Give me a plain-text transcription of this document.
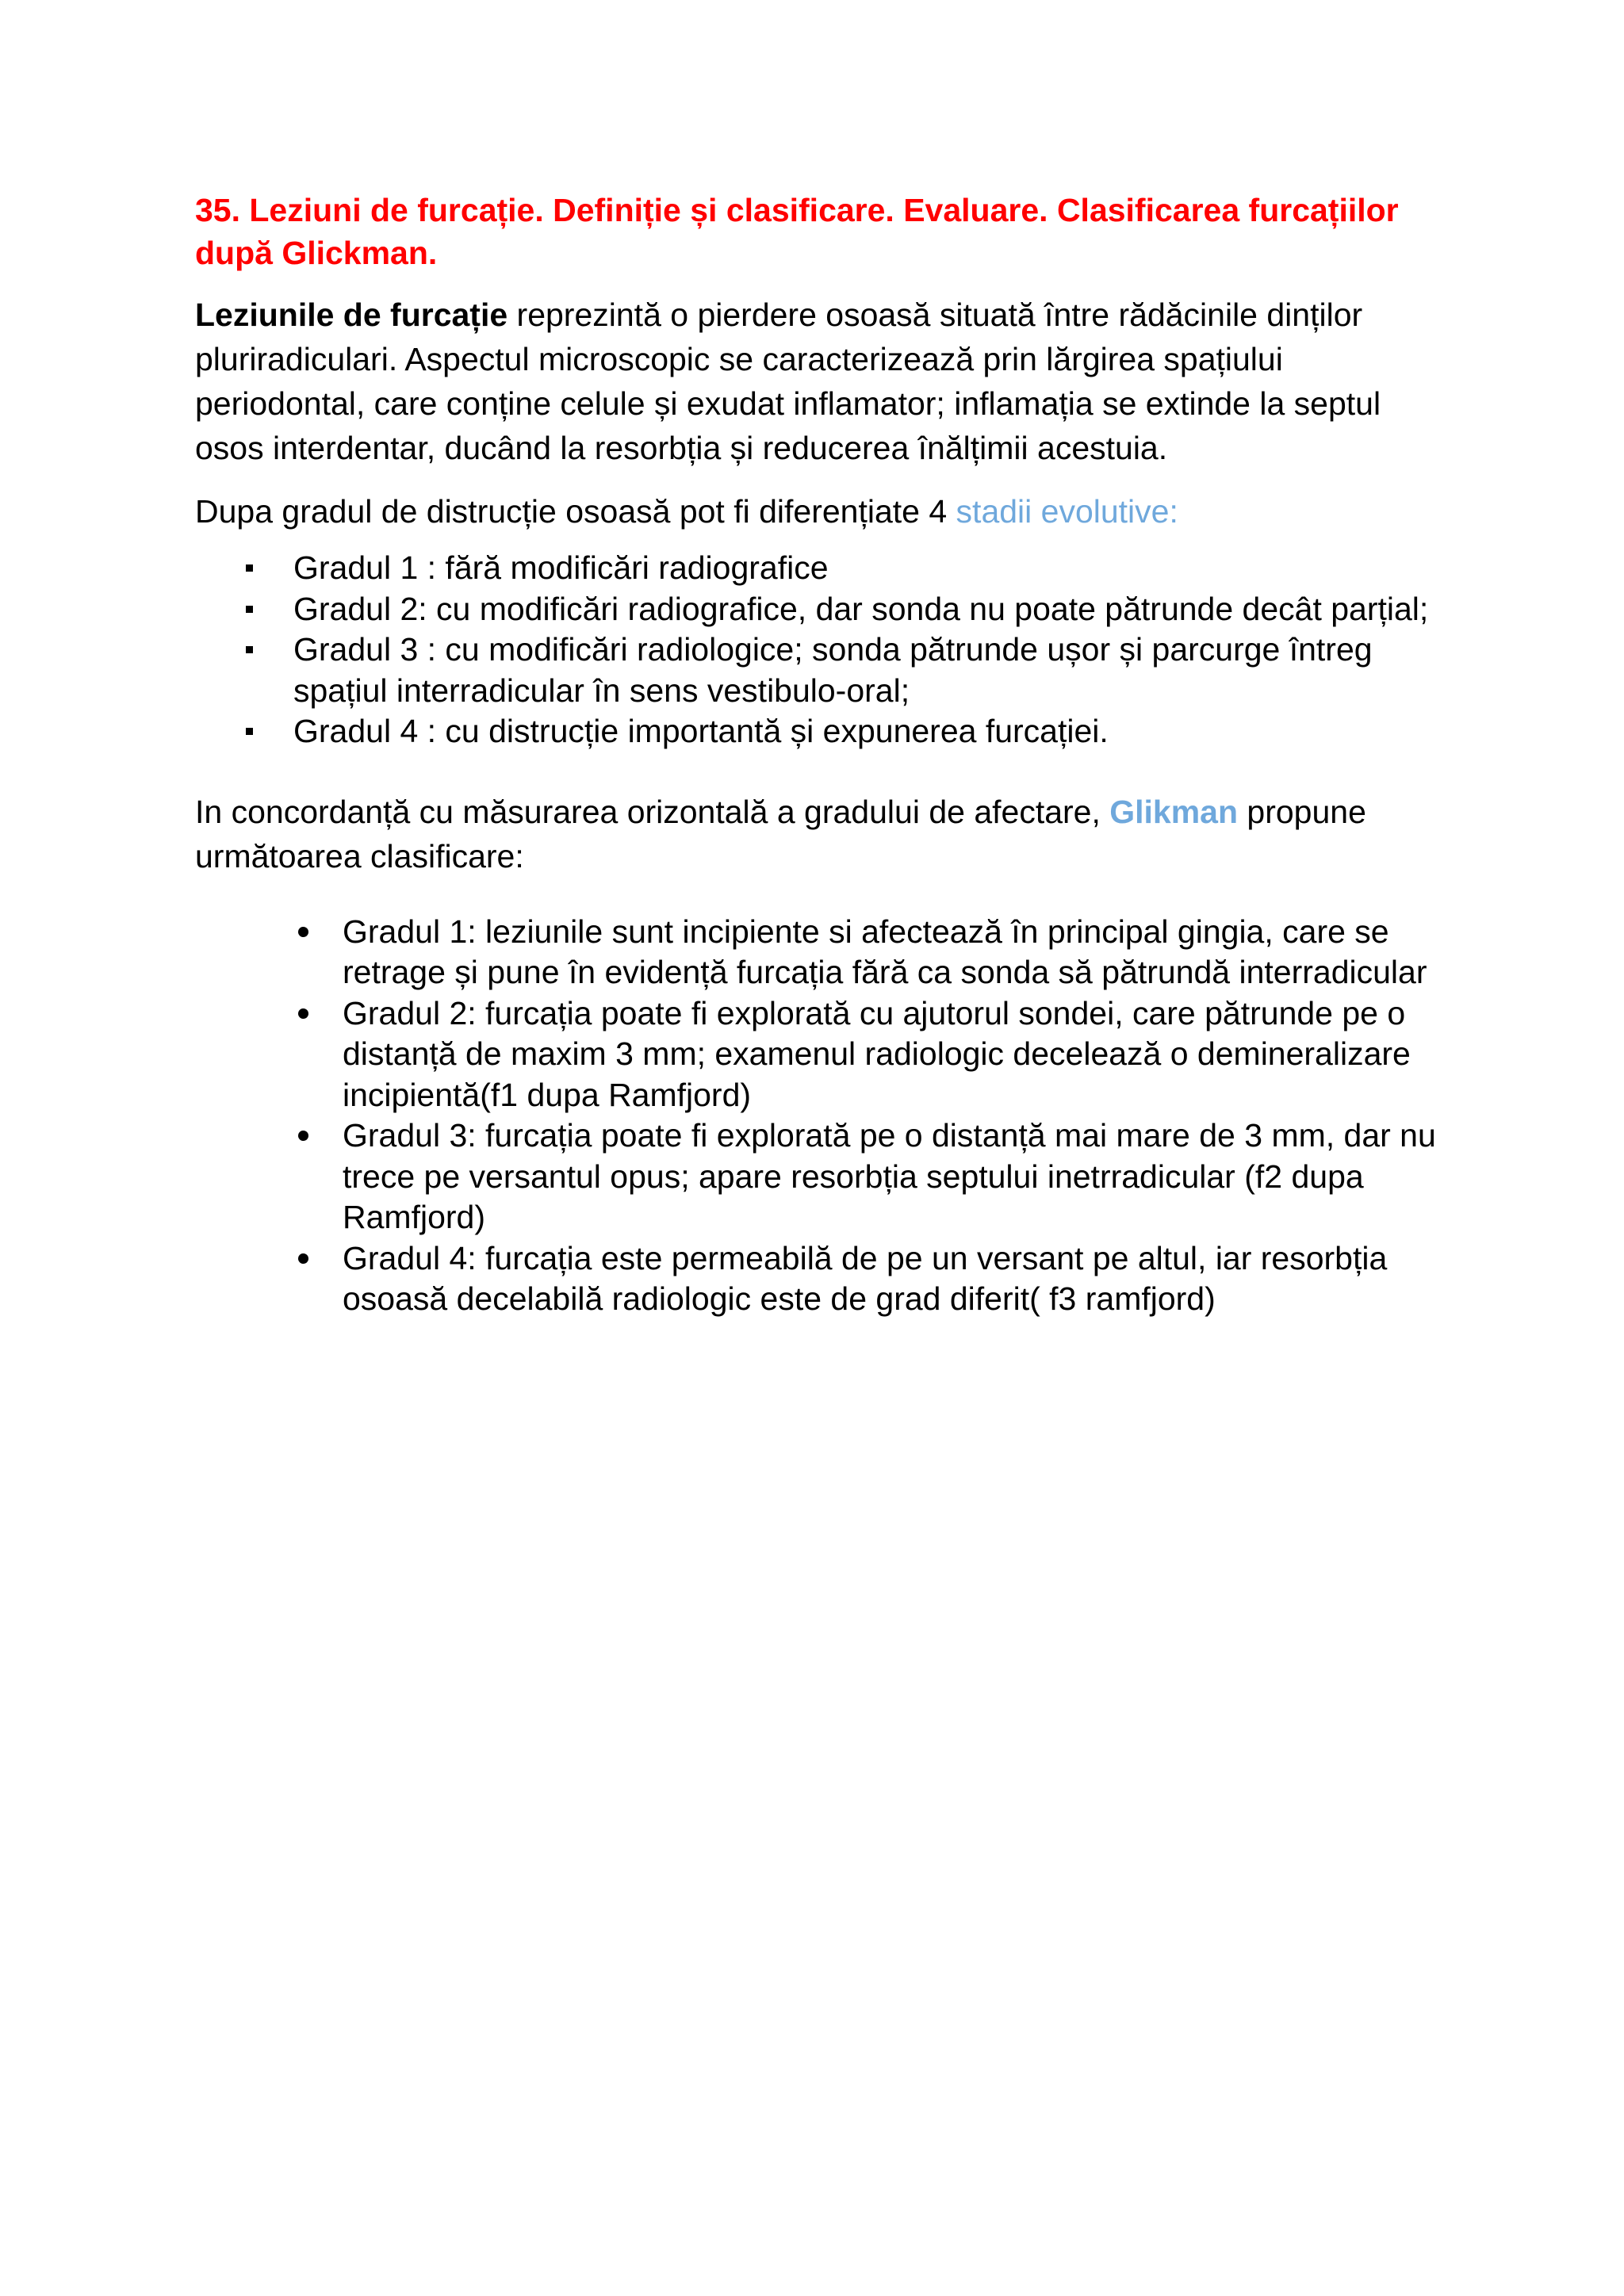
35. Leziuni de furcație. Definiție și clasificare. Evaluare. Clasificarea furcațiilor după Glickman.

Leziunile de furcație reprezintă o pierdere osoasă situată între rădăcinile dinților pluriradiculari. Aspectul microscopic se caracterizează prin lărgirea spațiului periodontal, care conține celule și exudat inflamator; inflamația se extinde la septul osos interdentar, ducând la resorbția și reducerea înălțimii acestuia.

Dupa gradul de distrucție osoasă pot fi diferențiate 4 stadii evolutive:

Gradul 1 : fără modificări radiografice
Gradul 2: cu modificări radiografice, dar sonda nu poate pătrunde decât parțial;
Gradul 3 : cu modificări radiologice; sonda pătrunde ușor și parcurge întreg spațiul interradicular în sens vestibulo-oral;
Gradul 4 : cu distrucție importantă și expunerea furcației.

In concordanță cu măsurarea orizontală a gradului de afectare, Glikman propune următoarea clasificare:

Gradul 1: leziunile sunt incipiente si afectează în principal gingia, care se retrage și pune în evidență furcația fără ca sonda să pătrundă interradicular
Gradul 2: furcația poate fi explorată cu ajutorul sondei, care pătrunde pe o distanță de maxim 3 mm; examenul radiologic decelează o demineralizare incipientă(f1 dupa Ramfjord)
Gradul 3: furcația poate fi explorată pe o distanță mai mare de 3 mm, dar nu trece pe versantul opus; apare resorbția septului inetrradicular (f2 dupa Ramfjord)
Gradul 4: furcația este permeabilă de pe un versant pe altul, iar resorbția osoasă decelabilă radiologic este de grad diferit( f3 ramfjord)
